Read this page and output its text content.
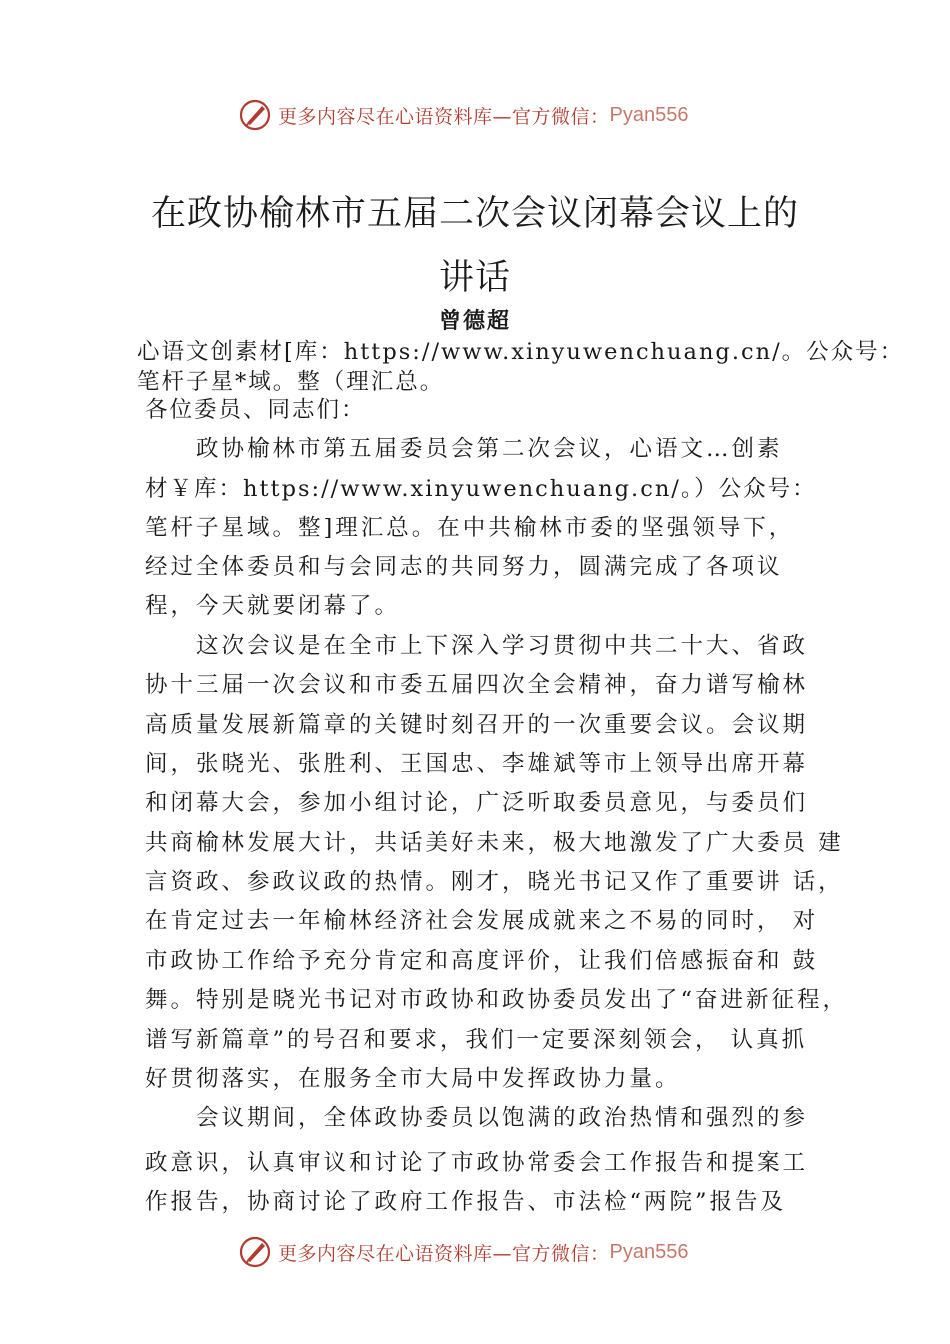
更多内容尽在心语资料库—官方微信： Pyan556
在政协榆林市五届二次会议闭幕会议上的
讲话
曾德超
心语文创素材[库：https://www.xinyuwenchuang.cn/。公众号：
笔杆子星*域。整（理汇总。
各位委员、同志们：
政协榆林市第五届委员会第二次会议，心语文…创素
材￥库：https://www.xinyuwenchuang.cn/。）公众号：
笔杆子星域。整]理汇总。在中共榆林市委的坚强领导下，
经过全体委员和与会同志的共同努力，圆满完成了各项议
程，今天就要闭幕了。
这次会议是在全市上下深入学习贯彻中共二十大、省政
协十三届一次会议和市委五届四次全会精神，奋力谱写榆林
高质量发展新篇章的关键时刻召开的一次重要会议。会议期
间，张晓光、张胜利、王国忠、李雄斌等市上领导出席开幕
和闭幕大会，参加小组讨论，广泛听取委员意见，与委员们
共商榆林发展大计，共话美好未来，极大地激发了广大委员 建
言资政、参政议政的热情。刚才，晓光书记又作了重要讲 话，
在肯定过去一年榆林经济社会发展成就来之不易的同时， 对
市政协工作给予充分肯定和高度评价，让我们倍感振奋和 鼓
舞。特别是晓光书记对市政协和政协委员发出了“奋进新征程，
谱写新篇章”的号召和要求，我们一定要深刻领会， 认真抓
好贯彻落实，在服务全市大局中发挥政协力量。
会议期间，全体政协委员以饱满的政治热情和强烈的参
政意识，认真审议和讨论了市政协常委会工作报告和提案工
作报告，协商讨论了政府工作报告、市法检“两院”报告及
更多内容尽在心语资料库—官方微信： Pyan556
